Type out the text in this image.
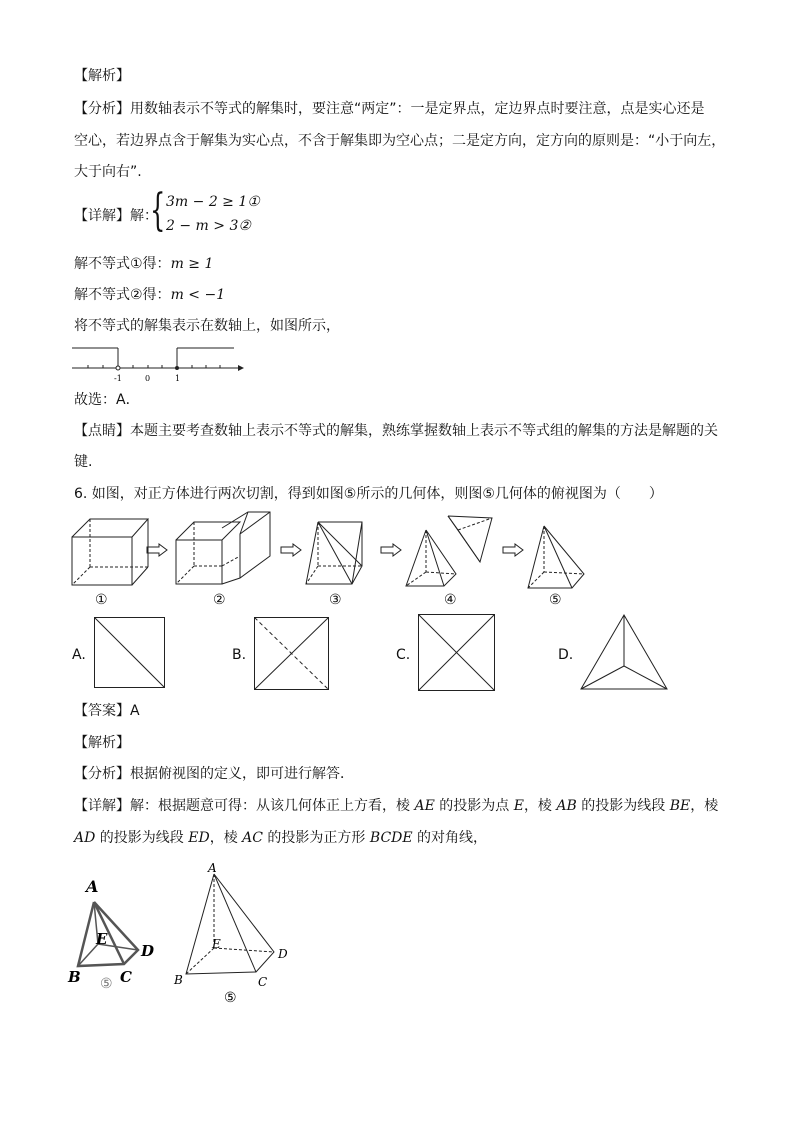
【解析】
【分析】用数轴表示不等式的解集时，要注意“两定”：一是定界点，定边界点时要注意，点是实心还是
空心，若边界点含于解集为实心点，不含于解集即为空心点；二是定方向，定方向的原则是：“小于向左，
大于向右”.
【详解】解：
{ 3m − 2 ≥ 1①
2 − m > 3②
解不等式①得：m ≥ 1
解不等式②得：m < −1
将不等式的解集表示在数轴上，如图所示，
-1	0	1
故选：A．
【点睛】本题主要考查数轴上表示不等式的解集，熟练掌握数轴上表示不等式组的解集的方法是解题的关
键.
6. 如图，对正方体进行两次切割，得到如图⑤所示的几何体，则图⑤几何体的俯视图为（　　）
①	②	③	④	⑤
A.	B.	C.	D.
【答案】A
【解析】
【分析】根据俯视图的定义，即可进行解答．
【详解】解：根据题意可得：从该几何体正上方看，棱 AE 的投影为点 E，棱 AB 的投影为线段 BE，棱
AD 的投影为线段 ED，棱 AC 的投影为正方形 BCDE 的对角线，
A
E
D
B	C
⑤
A
E
D
B	C
⑤
